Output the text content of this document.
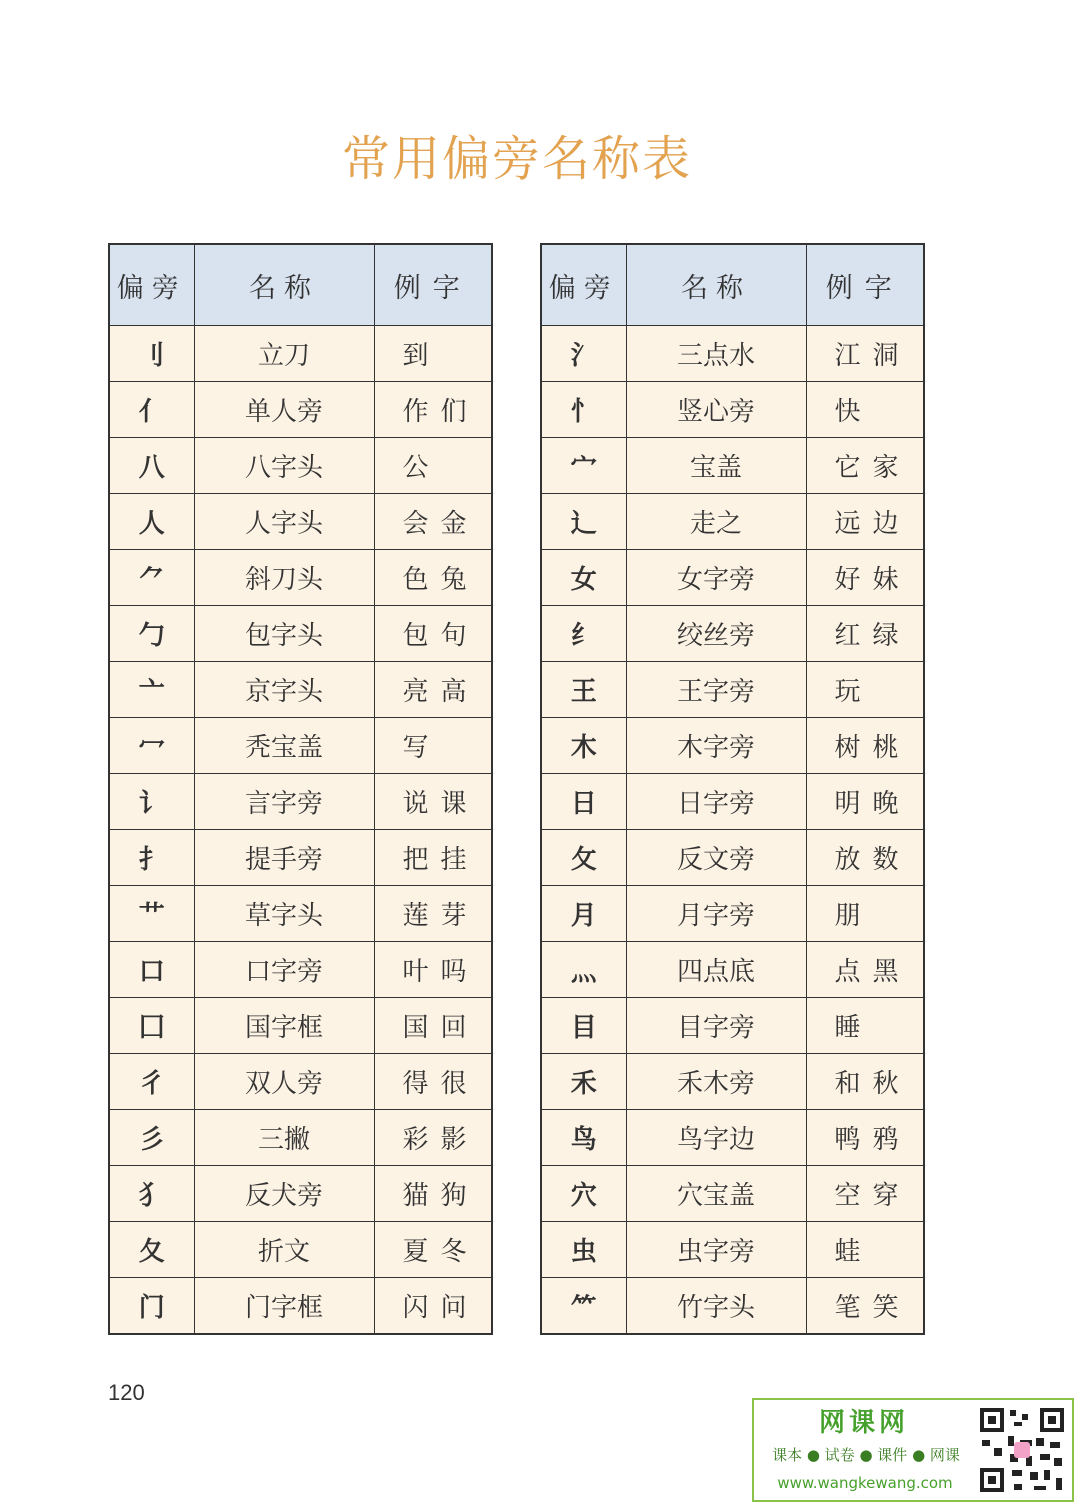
常用偏旁名称表
偏旁	名称	例字
刂	立刀	到
亻	单人旁	作们
八	八字头	公
人	人字头	会金
⺈	斜刀头	色兔
勹	包字头	包句
亠	京字头	亮高
冖	秃宝盖	写
讠	言字旁	说课
扌	提手旁	把挂
艹	草字头	莲芽
口	口字旁	叶吗
囗	国字框	国回
彳	双人旁	得很
彡	三撇	彩影
犭	反犬旁	猫狗
夂	折文	夏冬
门	门字框	闪问
偏旁	名称	例字
氵	三点水	江洞
忄	竖心旁	快
宀	宝盖	它家
辶	走之	远边
女	女字旁	好妹
纟	绞丝旁	红绿
王	王字旁	玩
木	木字旁	树桃
日	日字旁	明晚
攵	反文旁	放数
月	月字旁	朋
灬	四点底	点黑
目	目字旁	睡
禾	禾木旁	和秋
鸟	鸟字边	鸭鸦
穴	穴宝盖	空穿
虫	虫字旁	蛙
⺮	竹字头	笔笑
120
网课网
课本 ● 试卷 ● 课件 ● 网课
www.wangkewang.com
